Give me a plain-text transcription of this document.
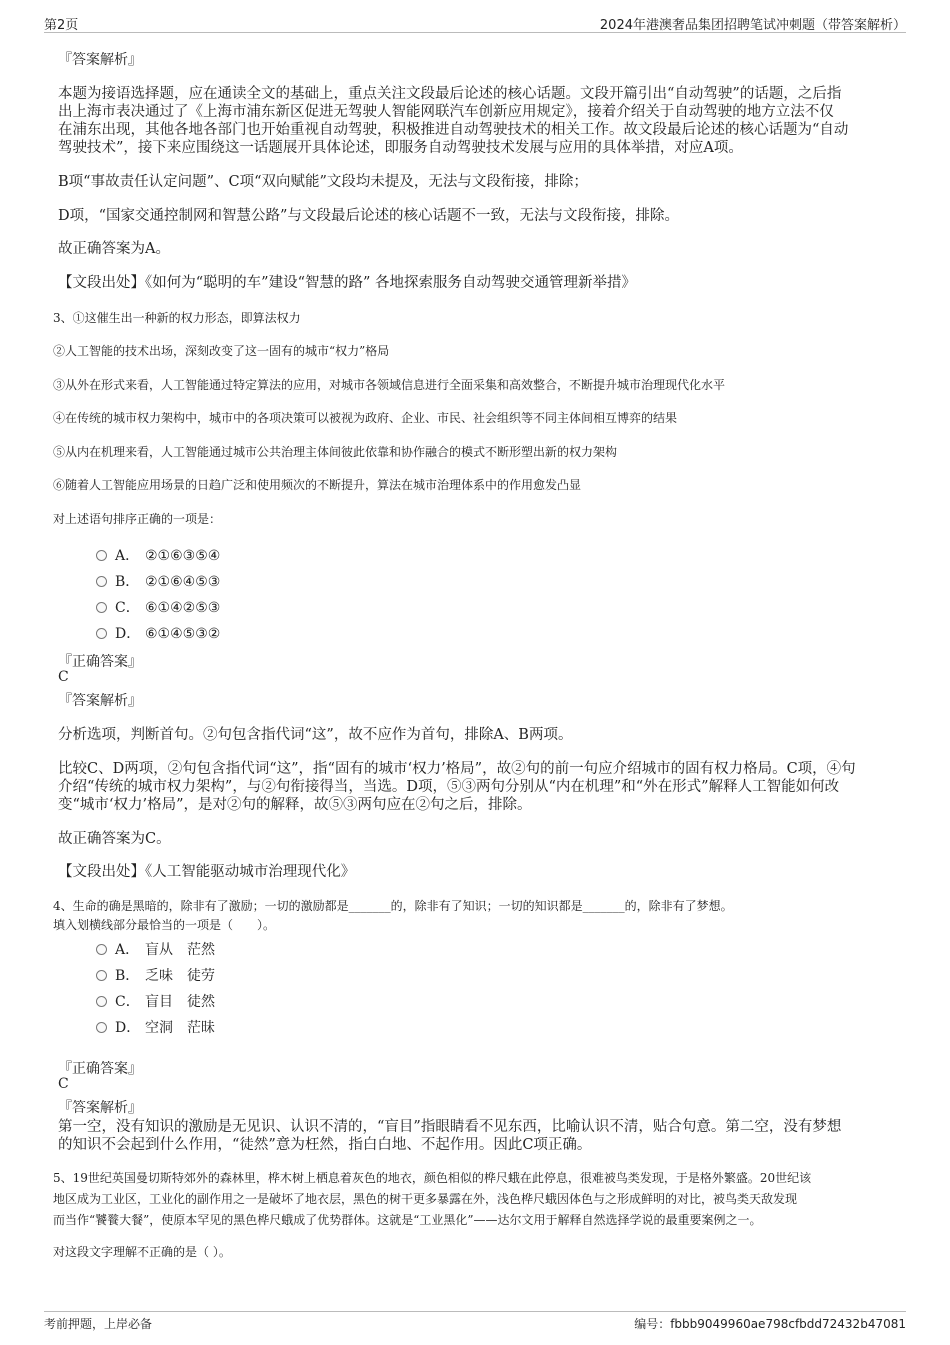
第2页	2024年港澳奢品集团招聘笔试冲刺题（带答案解析）
『答案解析』
本题为接语选择题，应在通读全文的基础上，重点关注文段最后论述的核心话题。文段开篇引出“自动驾驶”的话题，之后指
出上海市表决通过了《上海市浦东新区促进无驾驶人智能网联汽车创新应用规定》，接着介绍关于自动驾驶的地方立法不仅
在浦东出现，其他各地各部门也开始重视自动驾驶，积极推进自动驾驶技术的相关工作。故文段最后论述的核心话题为“自动
驾驶技术”，接下来应围绕这一话题展开具体论述，即服务自动驾驶技术发展与应用的具体举措，对应A项。
B项“事故责任认定问题”、C项“双向赋能”文段均未提及，无法与文段衔接，排除；
D项，“国家交通控制网和智慧公路”与文段最后论述的核心话题不一致，无法与文段衔接，排除。
故正确答案为A。
【文段出处】《如何为“聪明的车”建设“智慧的路” 各地探索服务自动驾驶交通管理新举措》
3、①这催生出一种新的权力形态，即算法权力
②人工智能的技术出场，深刻改变了这一固有的城市“权力”格局
③从外在形式来看，人工智能通过特定算法的应用，对城市各领域信息进行全面采集和高效整合，不断提升城市治理现代化水平
④在传统的城市权力架构中，城市中的各项决策可以被视为政府、企业、市民、社会组织等不同主体间相互博弈的结果
⑤从内在机理来看，人工智能通过城市公共治理主体间彼此依靠和协作融合的模式不断形塑出新的权力架构
⑥随着人工智能应用场景的日趋广泛和使用频次的不断提升，算法在城市治理体系中的作用愈发凸显
对上述语句排序正确的一项是：
A． ②①⑥③⑤④
B． ②①⑥④⑤③
C． ⑥①④②⑤③
D． ⑥①④⑤③②
『正确答案』
C
『答案解析』
分析选项，判断首句。②句包含指代词“这”，故不应作为首句，排除A、B两项。
比较C、D两项，②句包含指代词“这”，指“固有的城市‘权力’格局”，故②句的前一句应介绍城市的固有权力格局。C项，④句
介绍“传统的城市权力架构”，与②句衔接得当，当选。D项，⑤③两句分别从“内在机理”和“外在形式”解释人工智能如何改
变“城市‘权力’格局”，是对②句的解释，故⑤③两句应在②句之后，排除。
故正确答案为C。
【文段出处】《人工智能驱动城市治理现代化》
4、生命的确是黑暗的，除非有了激励；一切的激励都是_______的，除非有了知识；一切的知识都是_______的，除非有了梦想。
填入划横线部分最恰当的一项是（　　）。
A． 盲从　茫然
B． 乏味　徒劳
C． 盲目　徒然
D． 空洞　茫昧
『正确答案』
C
『答案解析』
第一空，没有知识的激励是无见识、认识不清的，“盲目”指眼睛看不见东西，比喻认识不清，贴合句意。第二空，没有梦想
的知识不会起到什么作用，“徒然”意为枉然，指白白地、不起作用。因此C项正确。
5、19世纪英国曼切斯特郊外的森林里，桦木树上栖息着灰色的地衣，颜色相似的桦尺蛾在此停息，很难被鸟类发现，于是格外繁盛。20世纪该
地区成为工业区，工业化的副作用之一是破坏了地衣层，黑色的树干更多暴露在外，浅色桦尺蛾因体色与之形成鲜明的对比，被鸟类天敌发现
而当作“饕餮大餐”，使原本罕见的黑色桦尺蛾成了优势群体。这就是“工业黑化”——达尔文用于解释自然选择学说的最重要案例之一。
对这段文字理解不正确的是（ ）。
考前押题，上岸必备	编号：fbbb9049960ae798cfbdd72432b47081
